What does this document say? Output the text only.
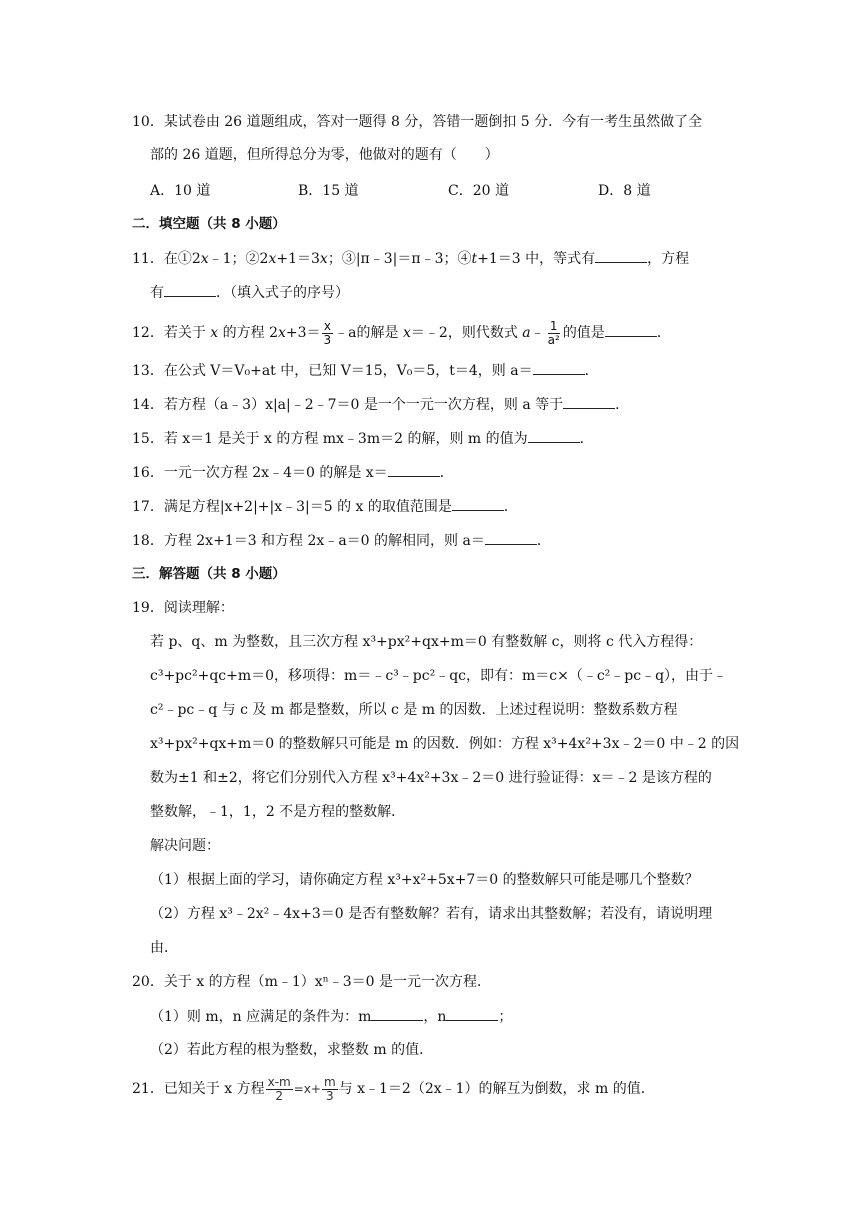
10．某试卷由 26 道题组成，答对一题得 8 分，答错一题倒扣 5 分．今有一考生虽然做了全
部的 26 道题，但所得总分为零，他做对的题有（　　）
A．10 道	B．15 道	C．20 道	D．8 道
二．填空题（共 8 小题）
11．在①2x﹣1；②2x+1＝3x；③|π﹣3|＝π﹣3；④t+1＝3 中，等式有	，方程
有	．（填入式子的序号）
12．若关于 x 的方程 $2x+3= \frac{x}{3}$ ﹣a的解是 x＝﹣2，则代数式 a﹣ $\frac{1}{\text{a²}}$ 的值是	．
13．在公式 V＝V₀+at 中，已知 V＝15，V₀＝5，t＝4，则 a＝	．
14．若方程（a﹣3）x|a|﹣2﹣7＝0 是一个一元一次方程，则 a 等于	．
15．若 x＝1 是关于 x 的方程 mx﹣3m＝2 的解，则 m 的值为	．
16．一元一次方程 2x﹣4＝0 的解是 x＝	．
17．满足方程|x+2|+|x﹣3|＝5 的 x 的取值范围是	．
18．方程 2x+1＝3 和方程 2x﹣a＝0 的解相同，则 a＝	．
三．解答题（共 8 小题）
19．阅读理解：
若 p、q、m 为整数，且三次方程 x³+px²+qx+m＝0 有整数解 c，则将 c 代入方程得：
c³+pc²+qc+m＝0，移项得：m＝﹣c³﹣pc²﹣qc，即有：m＝c×（﹣c²﹣pc﹣q），由于﹣
c²﹣pc﹣q 与 c 及 m 都是整数，所以 c 是 m 的因数．上述过程说明：整数系数方程
x³+px²+qx+m＝0 的整数解只可能是 m 的因数．例如：方程 x³+4x²+3x﹣2＝0 中﹣2 的因
数为±1 和±2，将它们分别代入方程 x³+4x²+3x﹣2＝0 进行验证得：x＝﹣2 是该方程的
整数解，﹣1，1，2 不是方程的整数解．
解决问题：
（1）根据上面的学习，请你确定方程 x³+x²+5x+7＝0 的整数解只可能是哪几个整数？
（2）方程 x³﹣2x²﹣4x+3＝0 是否有整数解？若有，请求出其整数解；若没有，请说明理
由．
20．关于 x 的方程（m﹣1）xⁿ﹣3＝0 是一元一次方程．
（1）则 m，n 应满足的条件为：m	，n	；
（2）若此方程的根为整数，求整数 m 的值．
21．已知关于 x 方程 $\frac{x-m}{2} =x+ \frac{m}{3}$ 与 x﹣1＝2（2x﹣1）的解互为倒数，求 m 的值．
